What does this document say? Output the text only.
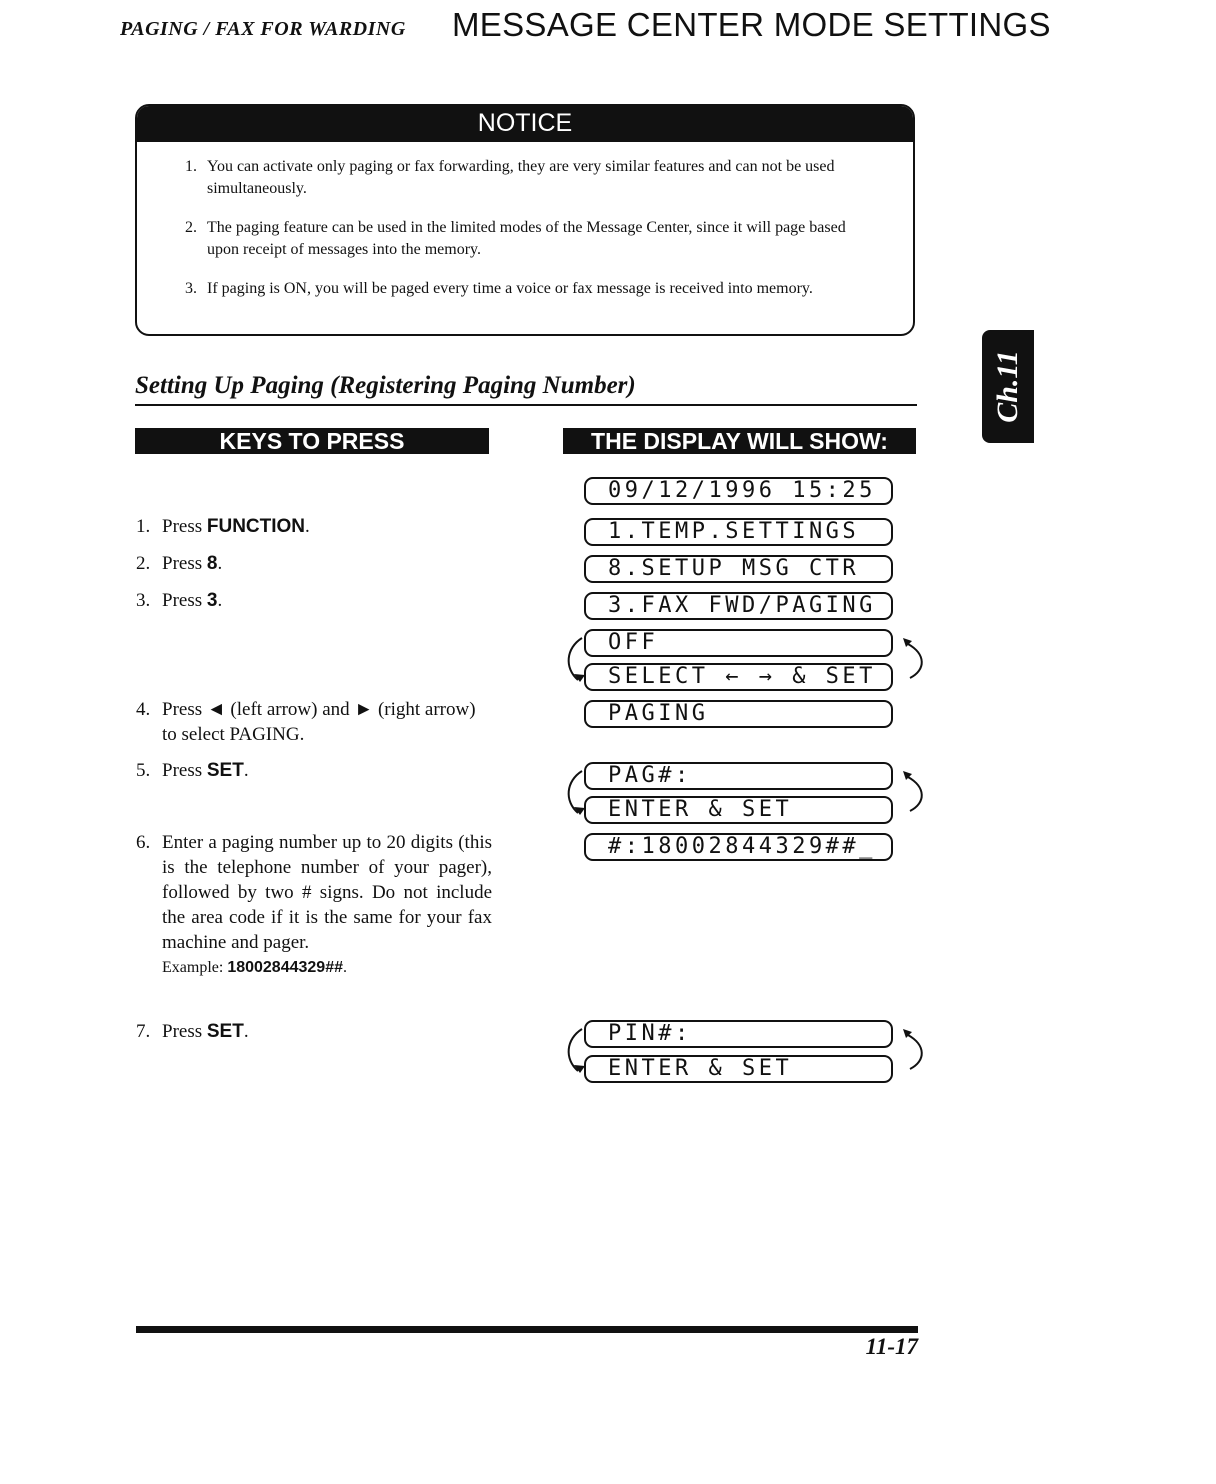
PAGING / FAX FOR WARDING MESSAGE CENTER MODE SETTINGS
NOTICE
1. You can activate only paging or fax forwarding, they are very similar features and can not be used simultaneously.
2. The paging feature can be used in the limited modes of the Message Center, since it will page based upon receipt of messages into the memory.
3. If paging is ON, you will be paged every time a voice or fax message is received into memory.
Ch.11
Setting Up Paging (Registering Paging Number)
KEYS TO PRESS	THE DISPLAY WILL SHOW:
1. Press FUNCTION.
2. Press 8.
3. Press 3.
4. Press ◄ (left arrow) and ► (right arrow) to select PAGING.
5. Press SET.
6. Enter a paging number up to 20 digits (this is the telephone number of your pager), followed by two # signs. Do not include the area code if it is the same for your fax machine and pager.
Example: 18002844329##.
7. Press SET.
09/12/1996 15:25
1.TEMP.SETTINGS
8.SETUP MSG CTR
3.FAX FWD/PAGING
OFF
SELECT ← → & SET
PAGING
PAG#:
ENTER & SET
#:18002844329##_
PIN#:
ENTER & SET
11-17
